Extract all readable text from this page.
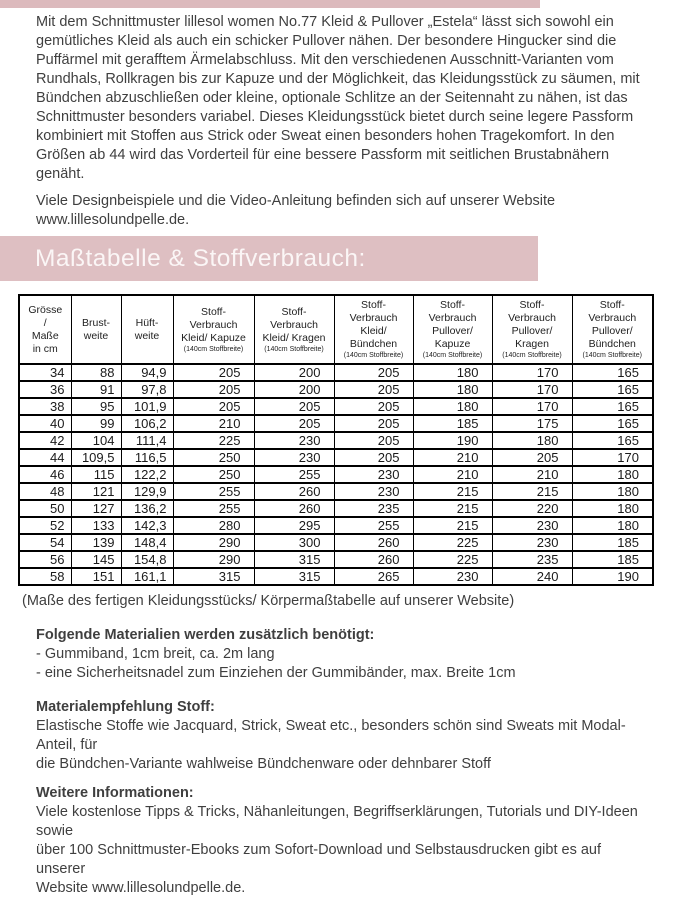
Mit dem Schnittmuster lillesol women No.77 Kleid & Pullover „Estela“ lässt sich sowohl ein gemütliches Kleid als auch ein schicker Pullover nähen. Der besondere Hingucker sind die Puffärmel mit gerafftem Ärmelabschluss. Mit den verschiedenen Ausschnitt-Varianten vom Rundhals, Rollkragen bis zur Kapuze und der Möglichkeit, das Kleidungsstück zu säumen, mit Bündchen abzuschließen oder kleine, optionale Schlitze an der Seitennaht zu nähen, ist das Schnittmuster besonders variabel. Dieses Kleidungsstück bietet durch seine legere Passform kombiniert mit Stoffen aus Strick oder Sweat einen besonders hohen Tragekomfort. In den Größen ab 44 wird das Vorderteil für eine bessere Passform mit seitlichen Brustabnähern genäht.

Viele Designbeispiele und die Video-Anleitung befinden sich auf unserer Website
www.lillesolundpelle.de.
Maßtabelle & Stoffverbrauch:
Grösse
/
Maße
in cm

Brust-
weite

Hüft-
weite

Stoff-
Verbrauch
Kleid/ Kapuze
(140cm Stoffbreite)

Stoff-
Verbrauch
Kleid/ Kragen
(140cm Stoffbreite)

Stoff-
Verbrauch
Kleid/
Bündchen
(140cm Stoffbreite)

Stoff-
Verbrauch
Pullover/
Kapuze
(140cm Stoffbreite)

Stoff-
Verbrauch
Pullover/
Kragen
(140cm Stoffbreite)

Stoff-
Verbrauch
Pullover/
Bündchen
(140cm Stoffbreite)

34	88	94,9	205	200	205	180	170	165
36	91	97,8	205	200	205	180	170	165
38	95	101,9	205	205	205	180	170	165
40	99	106,2	210	205	205	185	175	165
42	104	111,4	225	230	205	190	180	165
44	109,5	116,5	250	230	205	210	205	170
46	115	122,2	250	255	230	210	210	180
48	121	129,9	255	260	230	215	215	180
50	127	136,2	255	260	235	215	220	180
52	133	142,3	280	295	255	215	230	180
54	139	148,4	290	300	260	225	230	185
56	145	154,8	290	315	260	225	235	185
58	151	161,1	315	315	265	230	240	190
(Maße des fertigen Kleidungsstücks/ Körpermaßtabelle auf unserer Website)
Folgende Materialien werden zusätzlich benötigt:
- Gummiband, 1cm breit, ca. 2m lang
- eine Sicherheitsnadel zum Einziehen der Gummibänder, max. Breite 1cm
Materialempfehlung Stoff:
Elastische Stoffe wie Jacquard, Strick, Sweat etc., besonders schön sind Sweats mit Modal-Anteil, für
die Bündchen-Variante wahlweise Bündchenware oder dehnbarer Stoff
Weitere Informationen:
Viele kostenlose Tipps & Tricks, Nähanleitungen, Begriffserklärungen, Tutorials und DIY-Ideen sowie
über 100 Schnittmuster-Ebooks zum Sofort-Download und Selbstausdrucken gibt es auf unserer
Website www.lillesolundpelle.de.
